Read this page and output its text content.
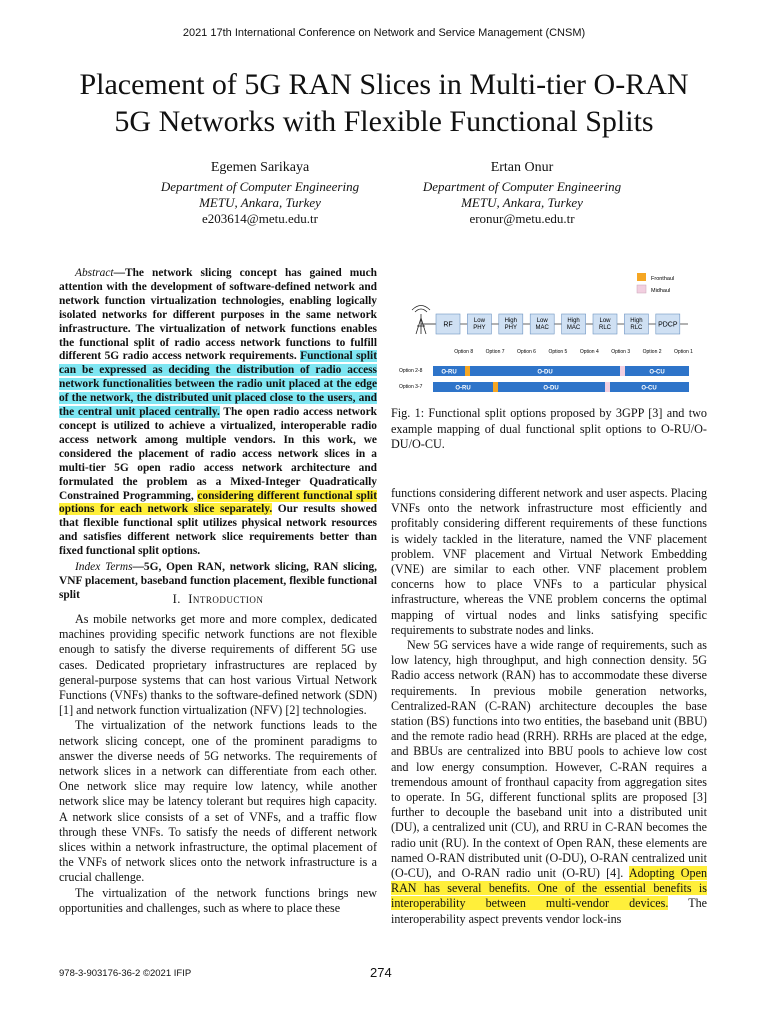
2021 17th International Conference on Network and Service Management (CNSM)
Placement of 5G RAN Slices in Multi-tier O-RAN
5G Networks with Flexible Functional Splits
Egemen Sarikaya
Department of Computer Engineering
METU, Ankara, Turkey
e203614@metu.edu.tr
Ertan Onur
Department of Computer Engineering
METU, Ankara, Turkey
eronur@metu.edu.tr
Abstract—The network slicing concept has gained much attention with the development of software-defined network and network function virtualization technologies, enabling logically isolated networks for different purposes in the same network infrastructure. The virtualization of network functions enables the functional split of radio access network functions to fulfill different 5G radio access network requirements. Functional split can be expressed as deciding the distribution of radio access network functionalities between the radio unit placed at the edge of the network, the distributed unit placed close to the users, and the central unit placed centrally. The open radio access network concept is utilized to achieve a virtualized, interoperable radio access network among multiple vendors. In this work, we considered the placement of radio access network slices in a multi-tier 5G open radio access network architecture and formulated the problem as a Mixed-Integer Quadratically Constrained Programming, considering different functional split options for each network slice separately. Our results showed that flexible functional split utilizes physical network resources and satisfies different network slice requirements better than fixed functional split options.
Index Terms—5G, Open RAN, network slicing, RAN slicing, VNF placement, baseband function placement, flexible functional split	I. Introduction

As mobile networks get more and more complex, dedicated machines providing specific network functions are not flexible enough to satisfy the diverse requirements of different 5G use cases. Dedicated proprietary infrastructures are replaced by general-purpose systems that can host various Virtual Network Functions (VNFs) thanks to the software-defined network (SDN) [1] and network function virtualization (NFV) [2] technologies.

The virtualization of the network functions leads to the network slicing concept, one of the prominent paradigms to answer the diverse needs of 5G networks. The requirements of network slices in a network can differentiate from each other. One network slice may require low latency, while another network slice may be latency tolerant but requires high capacity. A network slice consists of a set of VNFs, and a traffic flow through these VNFs. To satisfy the needs of different network slices within a network infrastructure, the optimal placement of the VNFs of network slices onto the network infrastructure is a crucial challenge.

The virtualization of the network functions brings new opportunities and challenges, such as where to place these

Fronthaul
Midhaul
RF
Low
PHY
High
PHY
Low
MAC
High
MAC
Low
RLC
High
RLC PDCP
Option 8 Option 7 Option 6 Option 5 Option 4 Option 3 Option 2 Option 1
Option 2-8	O-RU	O-DU	O-CU
Option 3-7	O-RU	O-DU	O-CU
Fig. 1: Functional split options proposed by 3GPP [3] and two example mapping of dual functional split options to O-RU/O-DU/O-CU.

functions considering different network and user aspects. Placing VNFs onto the network infrastructure most efficiently and profitably considering different requirements of these functions is widely tackled in the literature, named the VNF placement problem. VNF placement and Virtual Network Embedding (VNE) are similar to each other. VNF placement problem concerns how to place VNFs to a particular physical infrastructure, whereas the VNE problem concerns the optimal mapping of virtual nodes and links satisfying specific requirements to substrate nodes and links.

New 5G services have a wide range of requirements, such as low latency, high throughput, and high connection density. 5G Radio access network (RAN) has to accommodate these diverse requirements. In previous mobile generation networks, Centralized-RAN (C-RAN) architecture decouples the base station (BS) functions into two entities, the baseband unit (BBU) and the remote radio head (RRH). RRHs are placed at the edge, and BBUs are centralized into BBU pools to achieve low cost and low energy consumption. However, C-RAN requires a tremendous amount of fronthaul capacity from aggregation sites to operate. In 5G, different functional splits are proposed [3] further to decouple the baseband unit into a distributed unit (DU), a centralized unit (CU), and RRU in C-RAN becomes the radio unit (RU). In the context of Open RAN, these elements are named O-RAN distributed unit (O-DU), O-RAN centralized unit (O-CU), and O-RAN radio unit (O-RU) [4]. Adopting Open RAN has several benefits. One of the essential benefits is interoperability between multi-vendor devices. The interoperability aspect prevents vendor lock-ins

978-3-903176-36-2 ©2021 IFIP	274
